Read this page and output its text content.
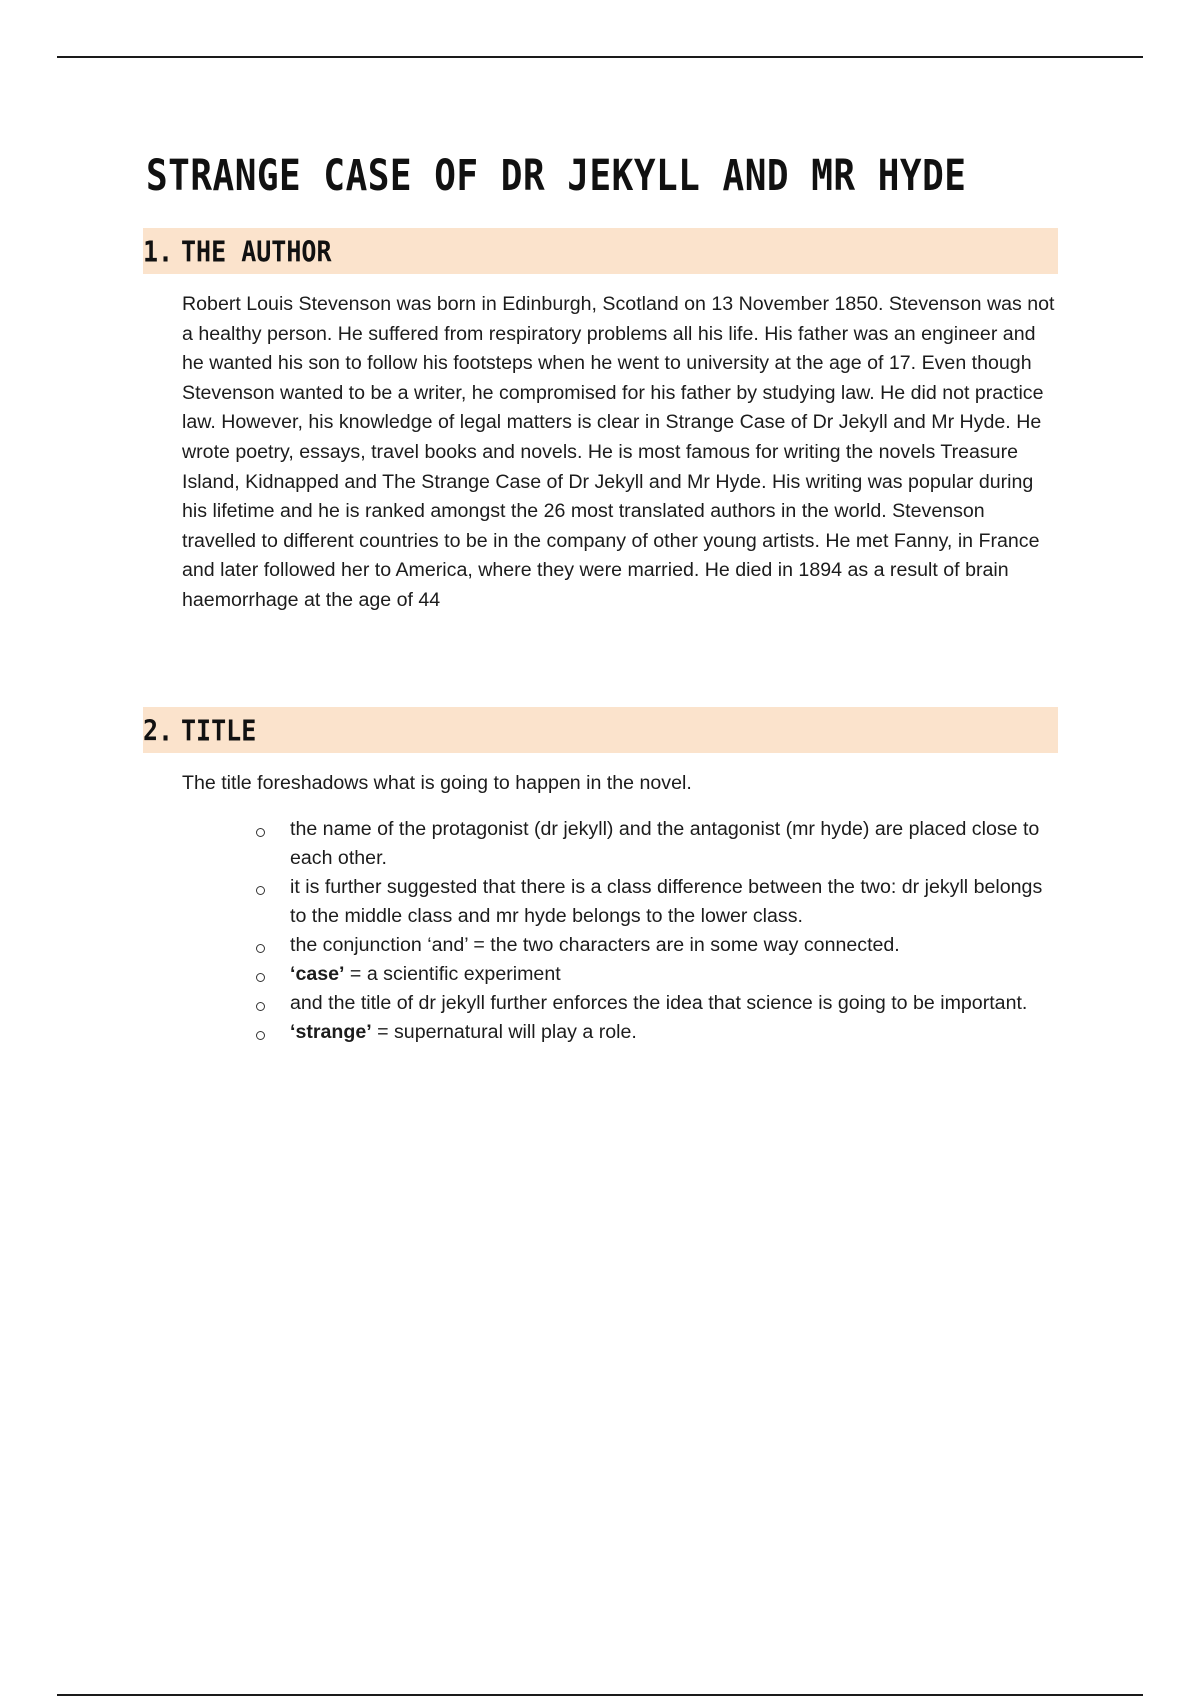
STRANGE CASE OF DR JEKYLL AND MR HYDE
1. THE AUTHOR

Robert Louis Stevenson was born in Edinburgh, Scotland on 13 November 1850. Stevenson was not a healthy person. He suffered from respiratory problems all his life. His father was an engineer and he wanted his son to follow his footsteps when he went to university at the age of 17. Even though Stevenson wanted to be a writer, he compromised for his father by studying law. He did not practice law. However, his knowledge of legal matters is clear in Strange Case of Dr Jekyll and Mr Hyde. He wrote poetry, essays, travel books and novels. He is most famous for writing the novels Treasure Island, Kidnapped and The Strange Case of Dr Jekyll and Mr Hyde. His writing was popular during his lifetime and he is ranked amongst the 26 most translated authors in the world. Stevenson travelled to different countries to be in the company of other young artists. He met Fanny, in France and later followed her to America, where they were married. He died in 1894 as a result of brain haemorrhage at the age of 44

2. TITLE

The title foreshadows what is going to happen in the novel.

the name of the protagonist (dr jekyll) and the antagonist (mr hyde) are placed close to each other.
it is further suggested that there is a class difference between the two: dr jekyll belongs to the middle class and mr hyde belongs to the lower class.
the conjunction ‘and’ = the two characters are in some way connected.
‘case’ = a scientific experiment
and the title of dr jekyll further enforces the idea that science is going to be important.
‘strange’ = supernatural will play a role.
